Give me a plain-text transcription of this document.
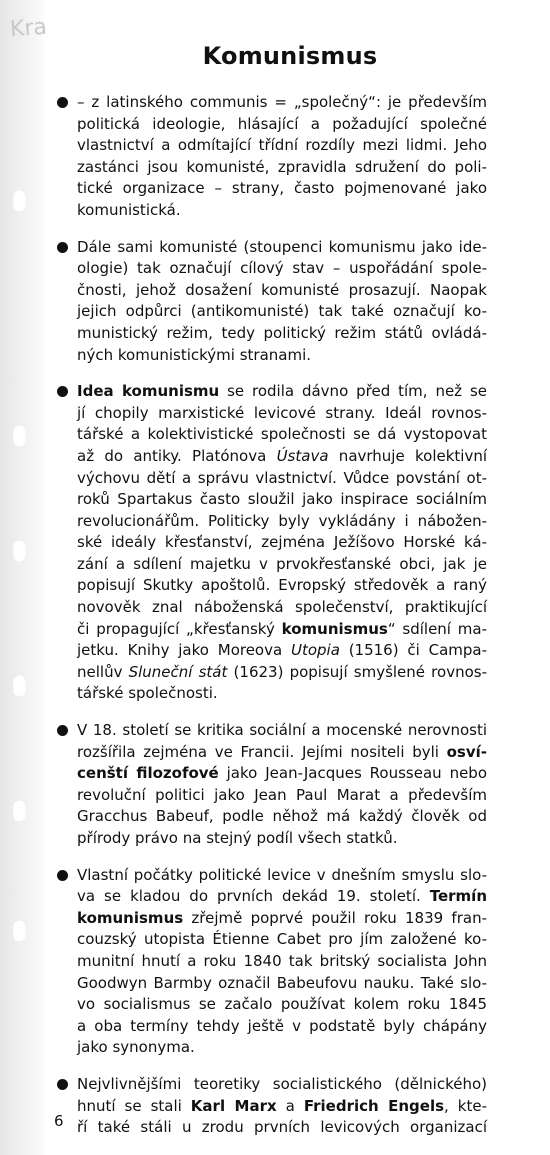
Kra
Komunismus
– z latinského communis = „společný“: je především
politická ideologie, hlásající a požadující společné
vlastnictví a odmítající třídní rozdíly mezi lidmi. Jeho
zastánci jsou komunisté, zpravidla sdružení do poli-
tické organizace – strany, často pojmenované jako
komunistická.
Dále sami komunisté (stoupenci komunismu jako ide-
ologie) tak označují cílový stav – uspořádání spole-
čnosti, jehož dosažení komunisté prosazují. Naopak
jejich odpůrci (antikomunisté) tak také označují ko-
munistický režim, tedy politický režim států ovládá-
ných komunistickými stranami.
Idea komunismu se rodila dávno před tím, než se
jí chopily marxistické levicové strany. Ideál rovnos-
tářské a kolektivistické společnosti se dá vystopovat
až do antiky. Platónova Ústava navrhuje kolektivní
výchovu dětí a správu vlastnictví. Vůdce povstání ot-
roků Spartakus často sloužil jako inspirace sociálním
revolucionářům. Politicky byly vykládány i nábožen-
ské ideály křesťanství, zejména Ježíšovo Horské ká-
zání a sdílení majetku v prvokřesťanské obci, jak je
popisují Skutky apoštolů. Evropský středověk a raný
novověk znal náboženská společenství, praktikující
či propagující „křesťanský komunismus“ sdílení ma-
jetku. Knihy jako Moreova Utopia (1516) či Campa-
nellův Sluneční stát (1623) popisují smyšlené rovnos-
tářské společnosti.
V 18. století se kritika sociální a mocenské nerovnosti
rozšířila zejména ve Francii. Jejími nositeli byli osví-
cenští filozofové jako Jean-Jacques Rousseau nebo
revoluční politici jako Jean Paul Marat a především
Gracchus Babeuf, podle něhož má každý člověk od
přírody právo na stejný podíl všech statků.
Vlastní počátky politické levice v dnešním smyslu slo-
va se kladou do prvních dekád 19. století. Termín
komunismus zřejmě poprvé použil roku 1839 fran-
couzský utopista Étienne Cabet pro jím založené ko-
munitní hnutí a roku 1840 tak britský socialista John
Goodwyn Barmby označil Babeufovu nauku. Také slo-
vo socialismus se začalo používat kolem roku 1845
a oba termíny tehdy ještě v podstatě byly chápány
jako synonyma.
Nejvlivnějšími teoretiky socialistického (dělnického)
hnutí se stali Karl Marx a Friedrich Engels, kte-
ří také stáli u zrodu prvních levicových organizací
6
